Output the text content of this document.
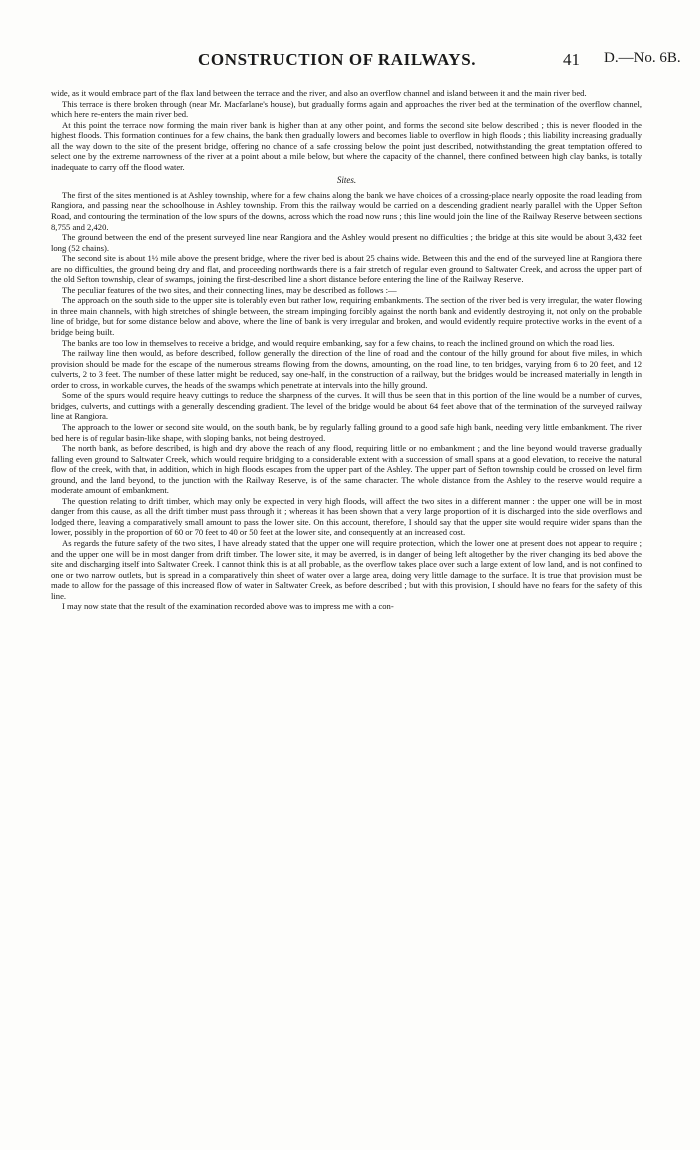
CONSTRUCTION OF RAILWAYS.	41 D.—No. 6B.

wide, as it would embrace part of the flax land between the terrace and the river, and also an overflow channel and island between it and the main river bed.

This terrace is there broken through (near Mr. Macfarlane's house), but gradually forms again and approaches the river bed at the termination of the overflow channel, which here re-enters the main river bed.

At this point the terrace now forming the main river bank is higher than at any other point, and forms the second site below described ; this is never flooded in the highest floods. This formation continues for a few chains, the bank then gradually lowers and becomes liable to overflow in high floods ; this liability increasing gradually all the way down to the site of the present bridge, offering no chance of a safe crossing below the point just described, notwithstanding the great temptation offered to select one by the extreme narrowness of the river at a point about a mile below, but where the capacity of the channel, there confined between high clay banks, is totally inadequate to carry off the flood water.

Sites.

The first of the sites mentioned is at Ashley township, where for a few chains along the bank we have choices of a crossing-place nearly opposite the road leading from Rangiora, and passing near the schoolhouse in Ashley township. From this the railway would be carried on a descending gradient nearly parallel with the Upper Sefton Road, and contouring the termination of the low spurs of the downs, across which the road now runs ; this line would join the line of the Railway Reserve between sections 8,755 and 2,420.

The ground between the end of the present surveyed line near Rangiora and the Ashley would present no difficulties ; the bridge at this site would be about 3,432 feet long (52 chains).

The second site is about 1½ mile above the present bridge, where the river bed is about 25 chains wide. Between this and the end of the surveyed line at Rangiora there are no difficulties, the ground being dry and flat, and proceeding northwards there is a fair stretch of regular even ground to Saltwater Creek, and across the upper part of the old Sefton township, clear of swamps, joining the first-described line a short distance before entering the line of the Railway Reserve.

The peculiar features of the two sites, and their connecting lines, may be described as follows :—

The approach on the south side to the upper site is tolerably even but rather low, requiring embankments. The section of the river bed is very irregular, the water flowing in three main channels, with high stretches of shingle between, the stream impinging forcibly against the north bank and evidently destroying it, not only on the probable line of bridge, but for some distance below and above, where the line of bank is very irregular and broken, and would evidently require protective works in the event of a bridge being built.

The banks are too low in themselves to receive a bridge, and would require embanking, say for a few chains, to reach the inclined ground on which the road lies.

The railway line then would, as before described, follow generally the direction of the line of road and the contour of the hilly ground for about five miles, in which provision should be made for the escape of the numerous streams flowing from the downs, amounting, on the road line, to ten bridges, varying from 6 to 20 feet, and 12 culverts, 2 to 3 feet. The number of these latter might be reduced, say one-half, in the construction of a railway, but the bridges would be increased materially in length in order to cross, in workable curves, the heads of the swamps which penetrate at intervals into the hilly ground.

Some of the spurs would require heavy cuttings to reduce the sharpness of the curves. It will thus be seen that in this portion of the line would be a number of curves, bridges, culverts, and cuttings with a generally descending gradient. The level of the bridge would be about 64 feet above that of the termination of the surveyed railway line at Rangiora.

The approach to the lower or second site would, on the south bank, be by regularly falling ground to a good safe high bank, needing very little embankment. The river bed here is of regular basin-like shape, with sloping banks, not being destroyed.

The north bank, as before described, is high and dry above the reach of any flood, requiring little or no embankment ; and the line beyond would traverse gradually falling even ground to Saltwater Creek, which would require bridging to a considerable extent with a succession of small spans at a good elevation, to receive the natural flow of the creek, with that, in addition, which in high floods escapes from the upper part of the Ashley. The upper part of Sefton township could be crossed on level firm ground, and the land beyond, to the junction with the Railway Reserve, is of the same character. The whole distance from the Ashley to the reserve would require a moderate amount of embankment.

The question relating to drift timber, which may only be expected in very high floods, will affect the two sites in a different manner : the upper one will be in most danger from this cause, as all the drift timber must pass through it ; whereas it has been shown that a very large proportion of it is discharged into the side overflows and lodged there, leaving a comparatively small amount to pass the lower site. On this account, therefore, I should say that the upper site would require wider spans than the lower, possibly in the proportion of 60 or 70 feet to 40 or 50 feet at the lower site, and consequently at an increased cost.

As regards the future safety of the two sites, I have already stated that the upper one will require protection, which the lower one at present does not appear to require ; and the upper one will be in most danger from drift timber. The lower site, it may be averred, is in danger of being left altogether by the river changing its bed above the site and discharging itself into Saltwater Creek. I cannot think this is at all probable, as the overflow takes place over such a large extent of low land, and is not confined to one or two narrow outlets, but is spread in a comparatively thin sheet of water over a large area, doing very little damage to the surface. It is true that provision must be made to allow for the passage of this increased flow of water in Saltwater Creek, as before described ; but with this provision, I should have no fears for the safety of this line.

I may now state that the result of the examination recorded above was to impress me with a con-
